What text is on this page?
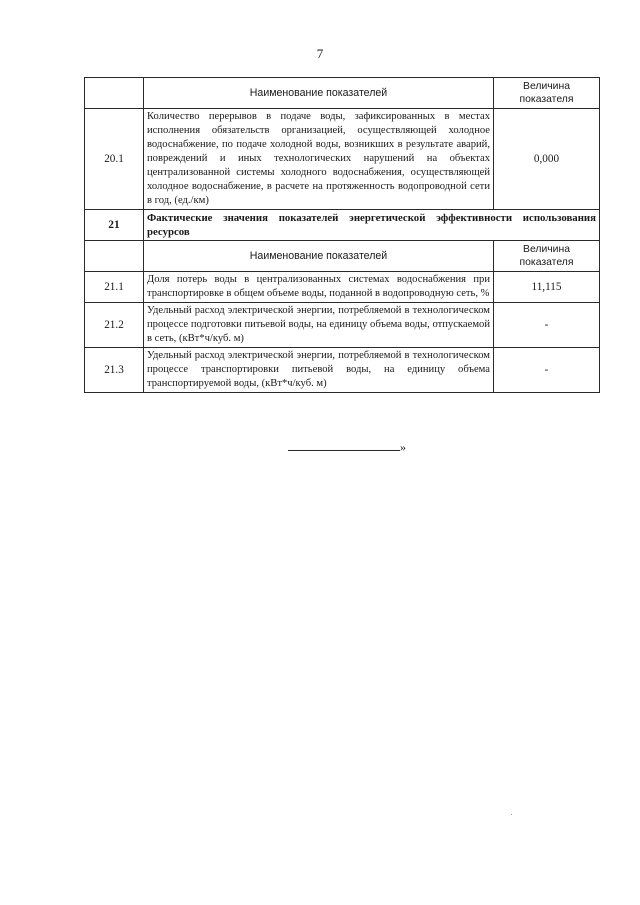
7
	Наименование показателей	Величина показателя
20.1	Количество перерывов в подаче воды, зафиксированных в местах исполнения обязательств организацией, осуществляющей холодное водоснабжение, по подаче холодной воды, возникших в результате аварий, повреждений и иных технологических нарушений на объектах централизованной системы холодного водоснабжения, осуществляющей холодное водоснабжение, в расчете на протяженность водопроводной сети в год, (ед./км)	0,000
21	Фактические значения показателей энергетической эффективности использования ресурсов	
	Наименование показателей	Величина показателя
21.1	Доля потерь воды в централизованных системах водоснабжения при транспортировке в общем объеме воды, поданной в водопроводную сеть, %	11,115
21.2	Удельный расход электрической энергии, потребляемой в технологическом процессе подготовки питьевой воды, на единицу объема воды, отпускаемой в сеть, (кВт*ч/куб. м)	-
21.3	Удельный расход электрической энергии, потребляемой в технологическом процессе транспортировки питьевой воды, на единицу объема транспортируемой воды, (кВт*ч/куб. м)	-
»
